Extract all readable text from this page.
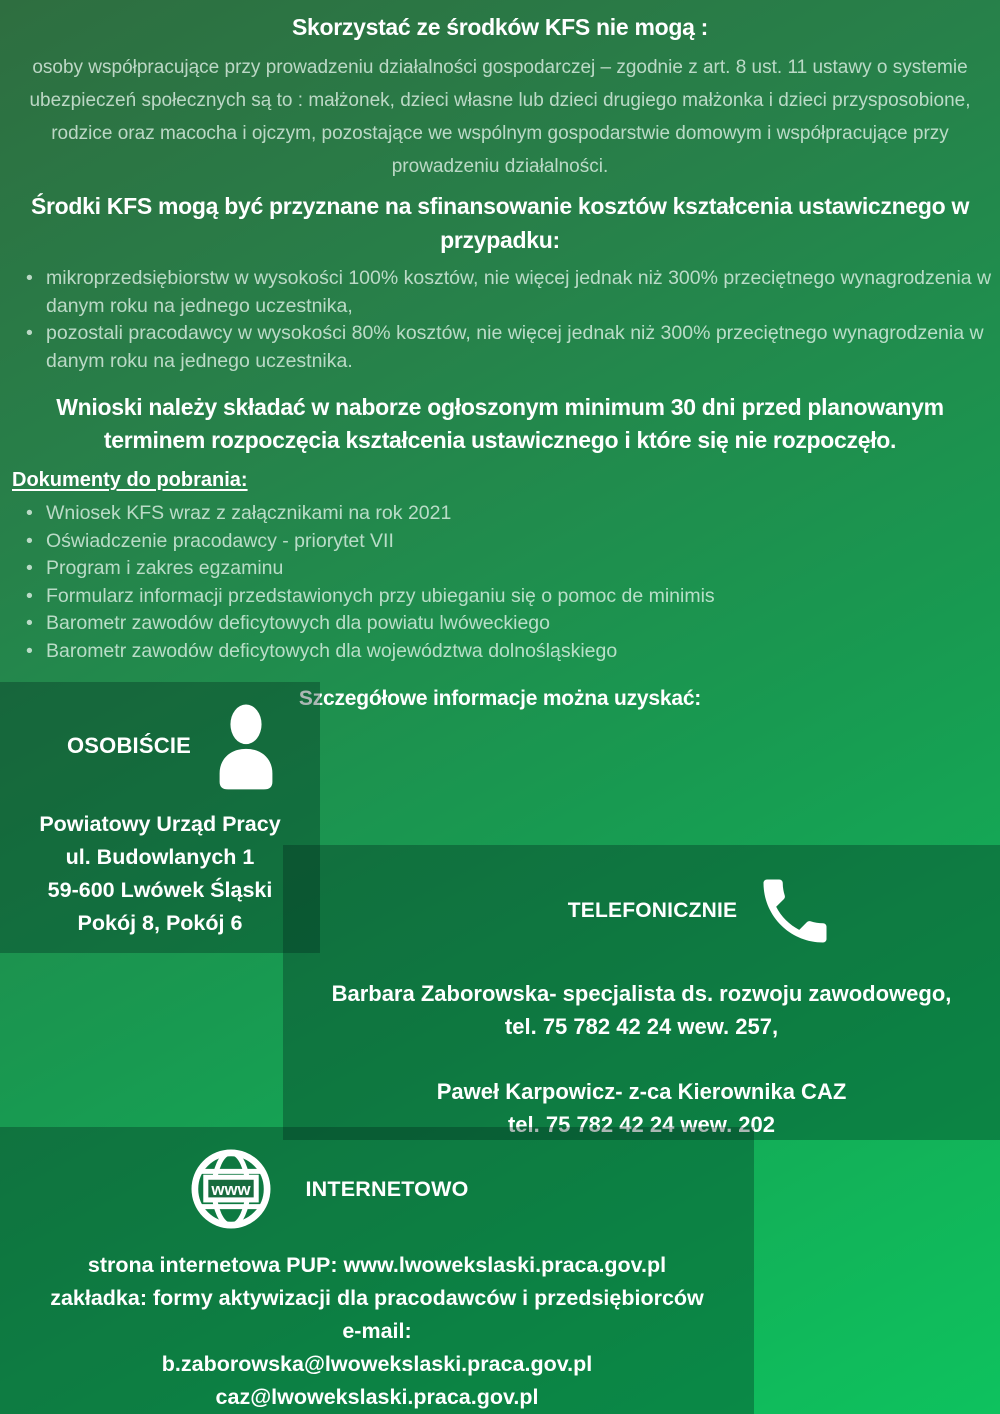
Skorzystać ze środków KFS nie mogą :

osoby współpracujące przy prowadzeniu działalności gospodarczej – zgodnie z art. 8 ust. 11 ustawy o systemie ubezpieczeń społecznych są to : małżonek, dzieci własne lub dzieci drugiego małżonka i dzieci przysposobione, rodzice oraz macocha i ojczym, pozostające we wspólnym gospodarstwie domowym i współpracujące przy prowadzeniu działalności.

Środki KFS mogą być przyznane na sfinansowanie kosztów kształcenia ustawicznego w przypadku:
• mikroprzedsiębiorstw w wysokości 100% kosztów, nie więcej jednak niż 300% przeciętnego wynagrodzenia w danym roku na jednego uczestnika,
• pozostali pracodawcy w wysokości 80% kosztów, nie więcej jednak niż 300% przeciętnego wynagrodzenia w danym roku na jednego uczestnika.
Wnioski należy składać w naborze ogłoszonym minimum 30 dni przed planowanym terminem rozpoczęcia kształcenia ustawicznego i które się nie rozpoczęło.
Dokumenty do pobrania:
• Wniosek KFS wraz z załącznikami na rok 2021
• Oświadczenie pracodawcy - priorytet VII
• Program i zakres egzaminu
• Formularz informacji przedstawionych przy ubieganiu się o pomoc de minimis
• Barometr zawodów deficytowych dla powiatu lwóweckiego
• Barometr zawodów deficytowych dla województwa dolnośląskiego
Szczegółowe informacje można uzyskać:
OSOBIŚCIE
Powiatowy Urząd Pracy
ul. Budowlanych 1
59-600 Lwówek Śląski
Pokój 8, Pokój 6
TELEFONICZNIE
Barbara Zaborowska- specjalista ds. rozwoju zawodowego,
tel. 75 782 42 24 wew. 257,
Paweł Karpowicz- z-ca Kierownika CAZ
tel. 75 782 42 24 wew. 202
www	INTERNETOWO
strona internetowa PUP: www.lwowekslaski.praca.gov.pl
zakładka: formy aktywizacji dla pracodawców i przedsiębiorców
e-mail:
b.zaborowska@lwowekslaski.praca.gov.pl
caz@lwowekslaski.praca.gov.pl
